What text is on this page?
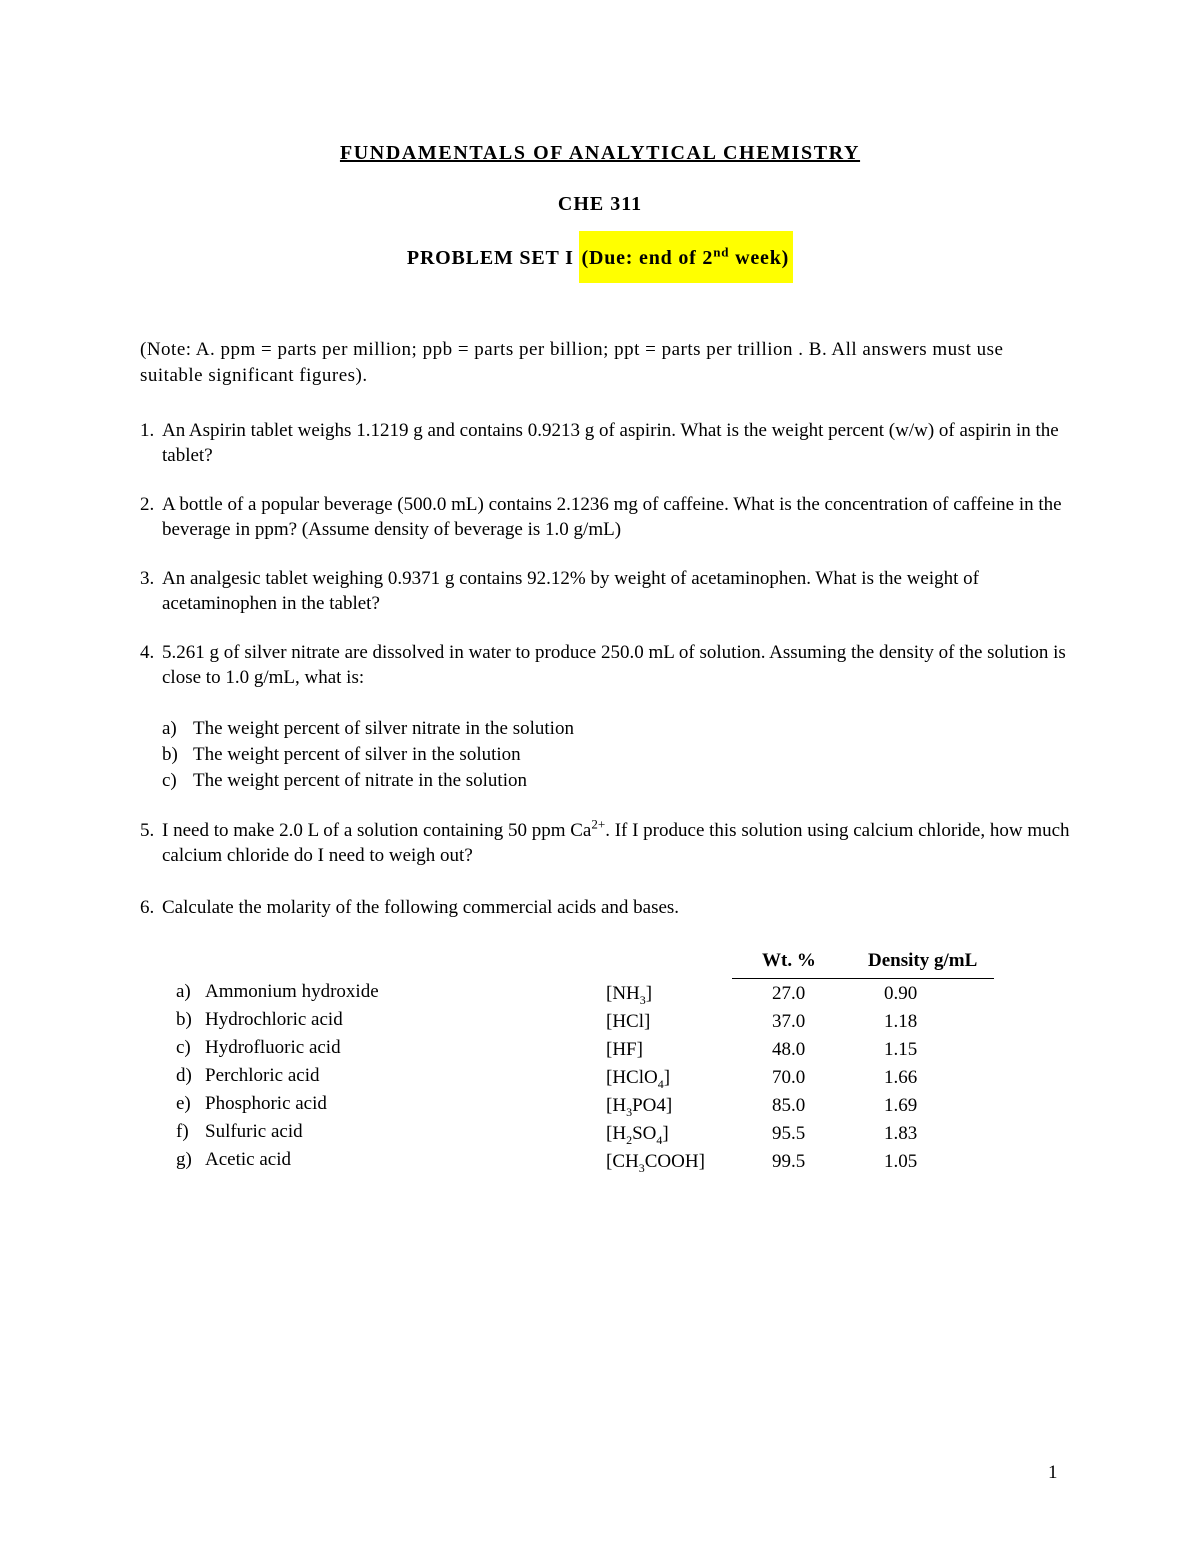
FUNDAMENTALS OF ANALYTICAL CHEMISTRY
CHE 311
PROBLEM SET I (Due: end of 2nd week)
(Note: A. ppm = parts per million; ppb = parts per billion; ppt = parts per trillion . B. All answers must use suitable significant figures).
1. An Aspirin tablet weighs 1.1219 g and contains 0.9213 g of aspirin. What is the weight percent (w/w) of aspirin in the tablet?
2. A bottle of a popular beverage (500.0 mL) contains 2.1236 mg of caffeine. What is the concentration of caffeine in the beverage in ppm? (Assume density of beverage is 1.0 g/mL)
3. An analgesic tablet weighing 0.9371 g contains 92.12% by weight of acetaminophen. What is the weight of acetaminophen in the tablet?
4. 5.261 g of silver nitrate are dissolved in water to produce 250.0 mL of solution. Assuming the density of the solution is close to 1.0 g/mL, what is:
a) The weight percent of silver nitrate in the solution
b) The weight percent of silver in the solution
c) The weight percent of nitrate in the solution
5. I need to make 2.0 L of a solution containing 50 ppm $Ca^{2+}$. If I produce this solution using calcium chloride, how much calcium chloride do I need to weigh out?
6. Calculate the molarity of the following commercial acids and bases.
Wt. %	Density g/mL
a) Ammonium hydroxide	$[NH_3]$	27.0	0.90
b) Hydrochloric acid	[HCl]	37.0	1.18
c) Hydrofluoric acid	[HF]	48.0	1.15
d) Perchloric acid	[HClO$_4$]	70.0	1.66
e) Phosphoric acid	$[H_3PO4]$	85.0	1.69
f) Sulfuric acid	$[H_2SO_4]$	95.5	1.83
g) Acetic acid	$[CH_3COOH]$	99.5	1.05
1
